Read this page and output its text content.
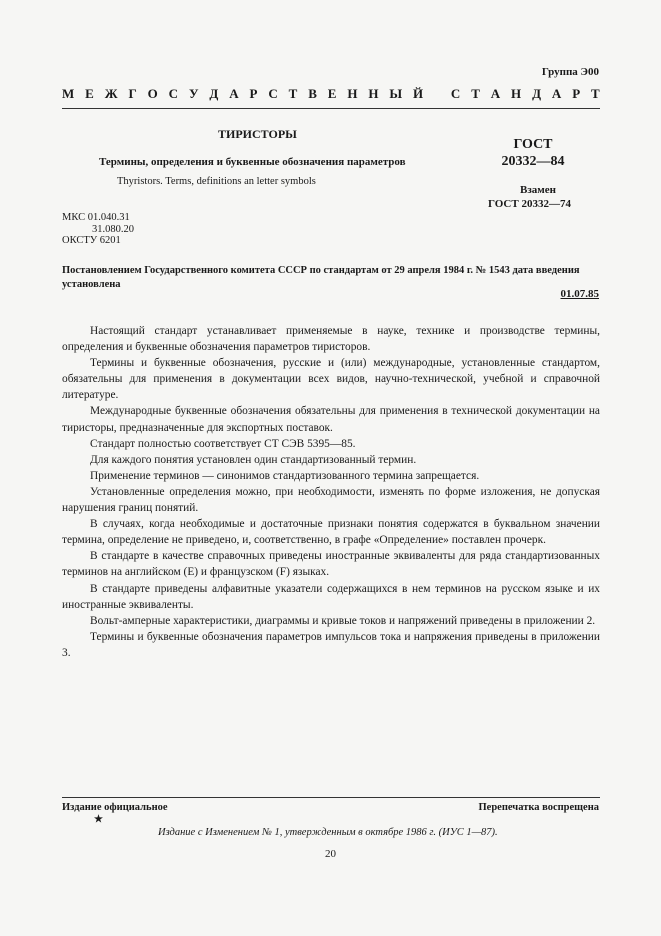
Группа Э00
М Е Ж Г О С У Д А Р С Т В Е Н Н Ы Й С Т А Н Д А Р Т
ТИРИСТОРЫ
Термины, определения и буквенные обозначения параметров
Thyristors. Terms, definitions an letter symbols
ГОСТ
20332—84
Взамен
ГОСТ 20332—74
МКС 01.040.31
31.080.20
ОКСТУ 6201
Постановлением Государственного комитета СССР по стандартам от 29 апреля 1984 г. № 1543 дата введения установлена
01.07.85

Настоящий стандарт устанавливает применяемые в науке, технике и производстве термины, определения и буквенные обозначения параметров тиристоров.

Термины и буквенные обозначения, русские и (или) международные, установленные стандартом, обязательны для применения в документации всех видов, научно-технической, учебной и справочной литературе.

Международные буквенные обозначения обязательны для применения в технической документации на тиристоры, предназначенные для экспортных поставок.

Стандарт полностью соответствует СТ СЭВ 5395—85.

Для каждого понятия установлен один стандартизованный термин.

Применение терминов — синонимов стандартизованного термина запрещается.

Установленные определения можно, при необходимости, изменять по форме изложения, не допуская нарушения границ понятий.

В случаях, когда необходимые и достаточные признаки понятия содержатся в буквальном значении термина, определение не приведено, и, соответственно, в графе «Определение» поставлен прочерк.

В стандарте в качестве справочных приведены иностранные эквиваленты для ряда стандартизованных терминов на английском (E) и французском (F) языках.

В стандарте приведены алфавитные указатели содержащихся в нем терминов на русском языке и их иностранные эквиваленты.

Вольт-амперные характеристики, диаграммы и кривые токов и напряжений приведены в приложении 2.

Термины и буквенные обозначения параметров импульсов тока и напряжения приведены в приложении 3.

Издание официальное
★
Перепечатка воспрещена
Издание с Изменением № 1, утвержденным в октябре 1986 г. (ИУС 1—87).
20
